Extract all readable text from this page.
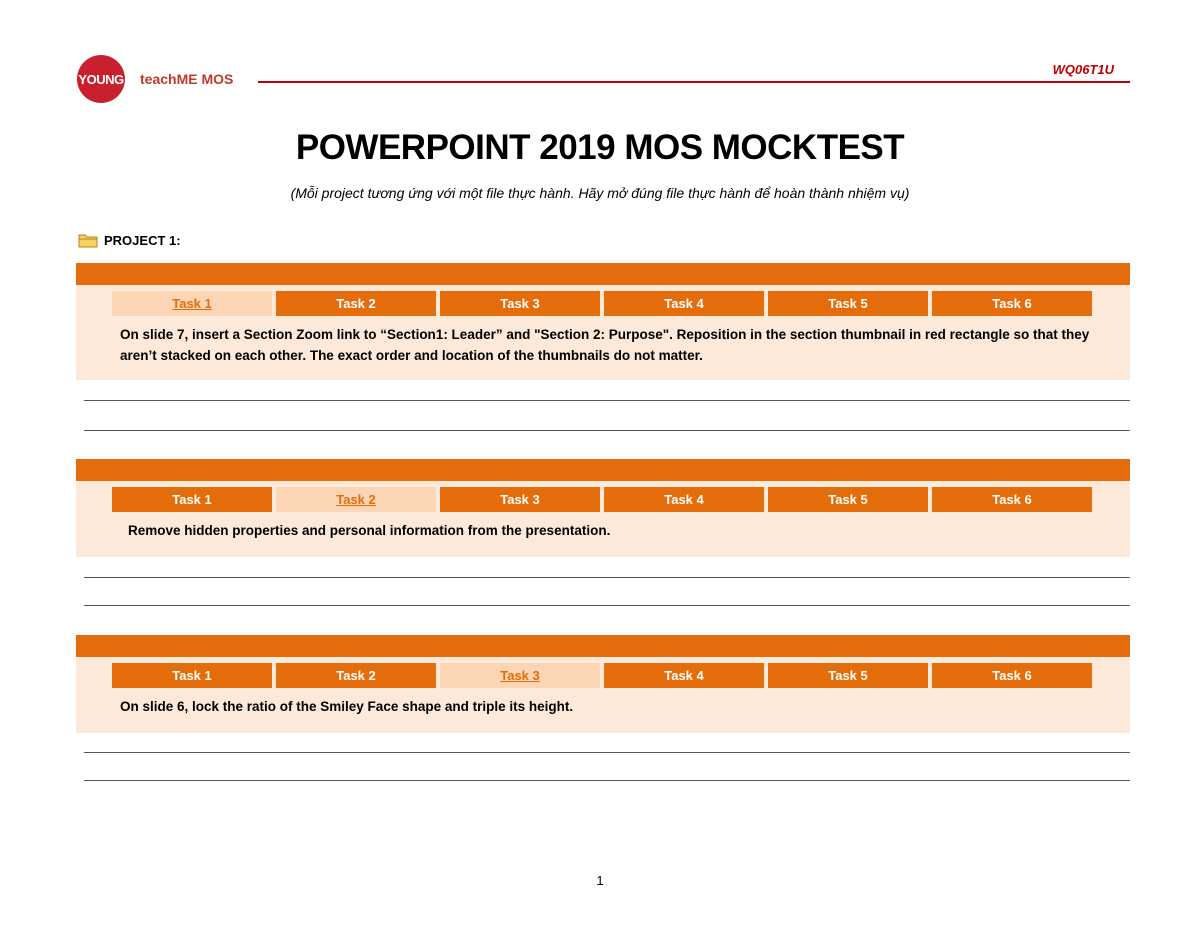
YOUNG teachME MOS
WQ06T1U
POWERPOINT 2019 MOS MOCKTEST
(Mỗi project tương ứng với một file thực hành. Hãy mở đúng file thực hành để hoàn thành nhiệm vụ)
PROJECT 1:
Task 1	Task 2	Task 3	Task 4	Task 5	Task 6
On slide 7, insert a Section Zoom link to “Section1: Leader” and "Section 2: Purpose". Reposition in the section thumbnail in red rectangle so that they aren’t stacked on each other. The exact order and location of the thumbnails do not matter.
Task 1	Task 2	Task 3	Task 4	Task 5	Task 6
Remove hidden properties and personal information from the presentation.
Task 1	Task 2	Task 3	Task 4	Task 5	Task 6
On slide 6, lock the ratio of the Smiley Face shape and triple its height.
1
